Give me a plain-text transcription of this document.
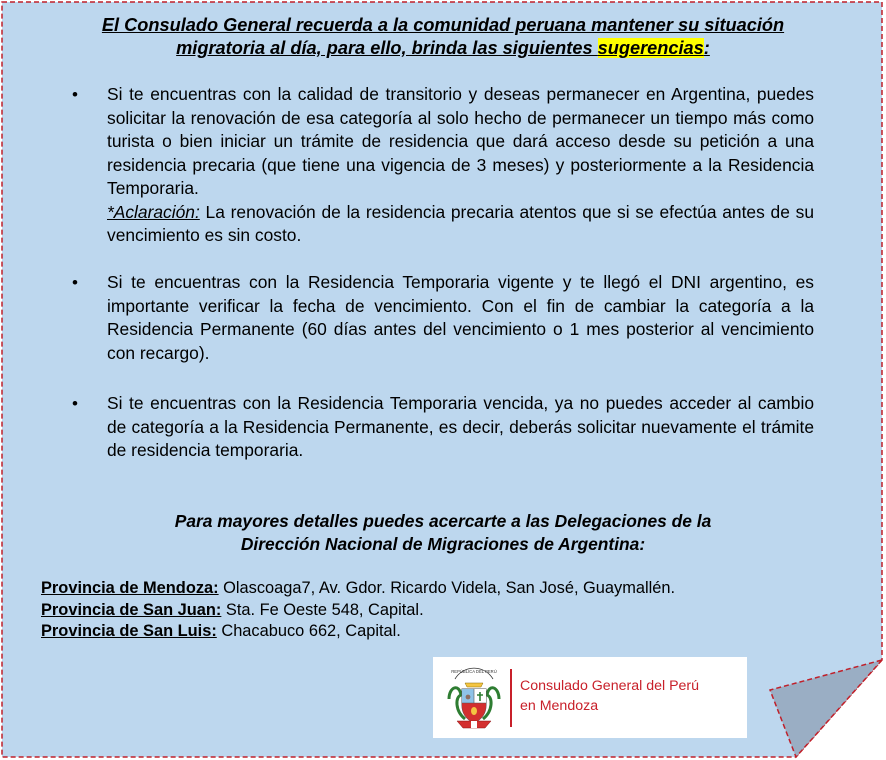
El Consulado General recuerda a la comunidad peruana mantener su situación
migratoria al día, para ello, brinda las siguientes sugerencias:
• Si te encuentras con la calidad de transitorio y deseas permanecer en Argentina, puedes solicitar la renovación de esa categoría al solo hecho de permanecer un tiempo más como turista o bien iniciar un trámite de residencia que dará acceso desde su petición a una residencia precaria (que tiene una vigencia de 3 meses) y posteriormente a la Residencia Temporaria.
*Aclaración: La renovación de la residencia precaria atentos que si se efectúa antes de su vencimiento es sin costo.
• Si te encuentras con la Residencia Temporaria vigente y te llegó el DNI argentino, es importante verificar la fecha de vencimiento. Con el fin de cambiar la categoría a la Residencia Permanente (60 días antes del vencimiento o 1 mes posterior al vencimiento con recargo).
• Si te encuentras con la Residencia Temporaria vencida, ya no puedes acceder al cambio de categoría a la Residencia Permanente, es decir, deberás solicitar nuevamente el trámite de residencia temporaria.
Para mayores detalles puedes acercarte a las Delegaciones de la
Dirección Nacional de Migraciones de Argentina:
Provincia de Mendoza: Olascoaga7, Av. Gdor. Ricardo Videla, San José, Guaymallén.
Provincia de San Juan: Sta. Fe Oeste 548, Capital.
Provincia de San Luis: Chacabuco 662, Capital.
REPÚBLICA DEL PERÚ
Consulado General del Perú
en Mendoza
